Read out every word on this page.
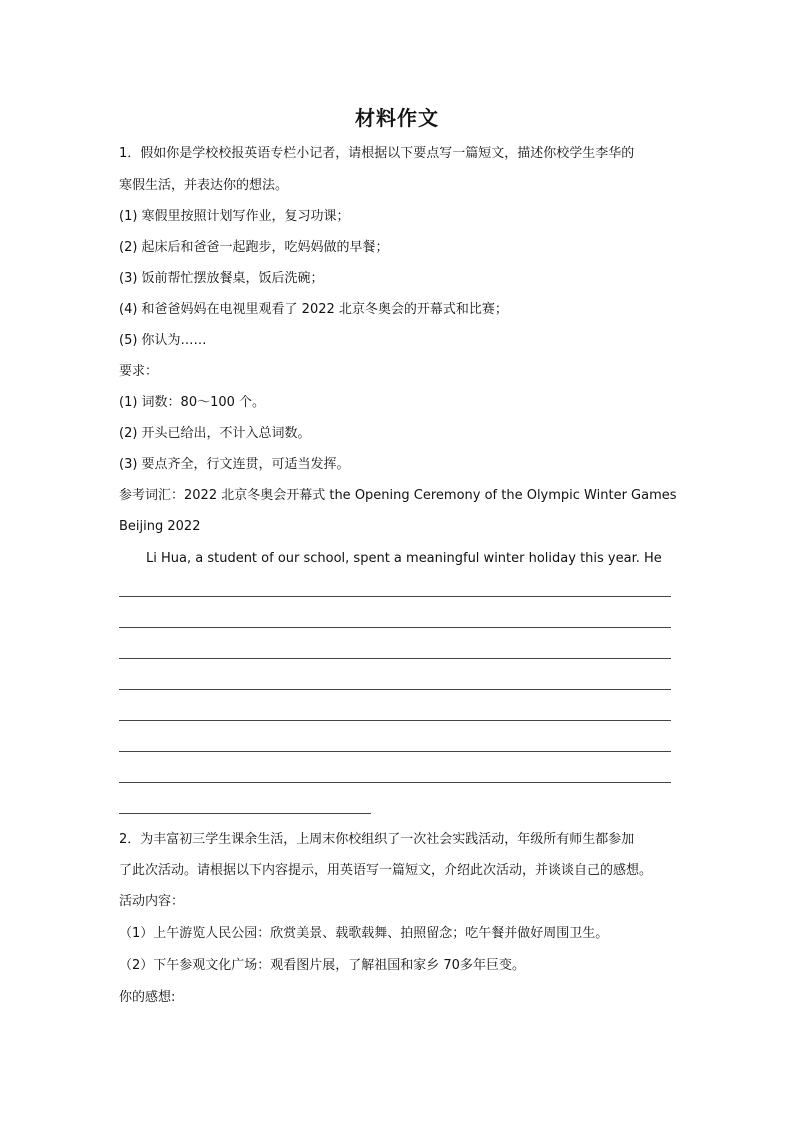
材料作文
1．假如你是学校校报英语专栏小记者，请根据以下要点写一篇短文，描述你校学生李华的
寒假生活，并表达你的想法。
(1) 寒假里按照计划写作业，复习功课；
(2) 起床后和爸爸一起跑步，吃妈妈做的早餐；
(3) 饭前帮忙摆放餐桌，饭后洗碗；
(4) 和爸爸妈妈在电视里观看了 2022 北京冬奥会的开幕式和比赛；
(5) 你认为……
要求：
(1) 词数：80～100 个。
(2) 开头已给出，不计入总词数。
(3) 要点齐全，行文连贯，可适当发挥。
参考词汇：2022 北京冬奥会开幕式 the Opening Ceremony of the Olympic Winter Games
Beijing 2022
Li Hua, a student of our school, spent a meaningful winter holiday this year. He
2．为丰富初三学生课余生活，上周末你校组织了一次社会实践活动，年级所有师生都参加
了此次活动。请根据以下内容提示，用英语写一篇短文，介绍此次活动，并谈谈自己的感想。
活动内容：
（1）上午游览人民公园：欣赏美景、载歌载舞、拍照留念；吃午餐并做好周围卫生。
（2）下午参观文化广场：观看图片展，了解祖国和家乡 70多年巨变。
你的感想:
